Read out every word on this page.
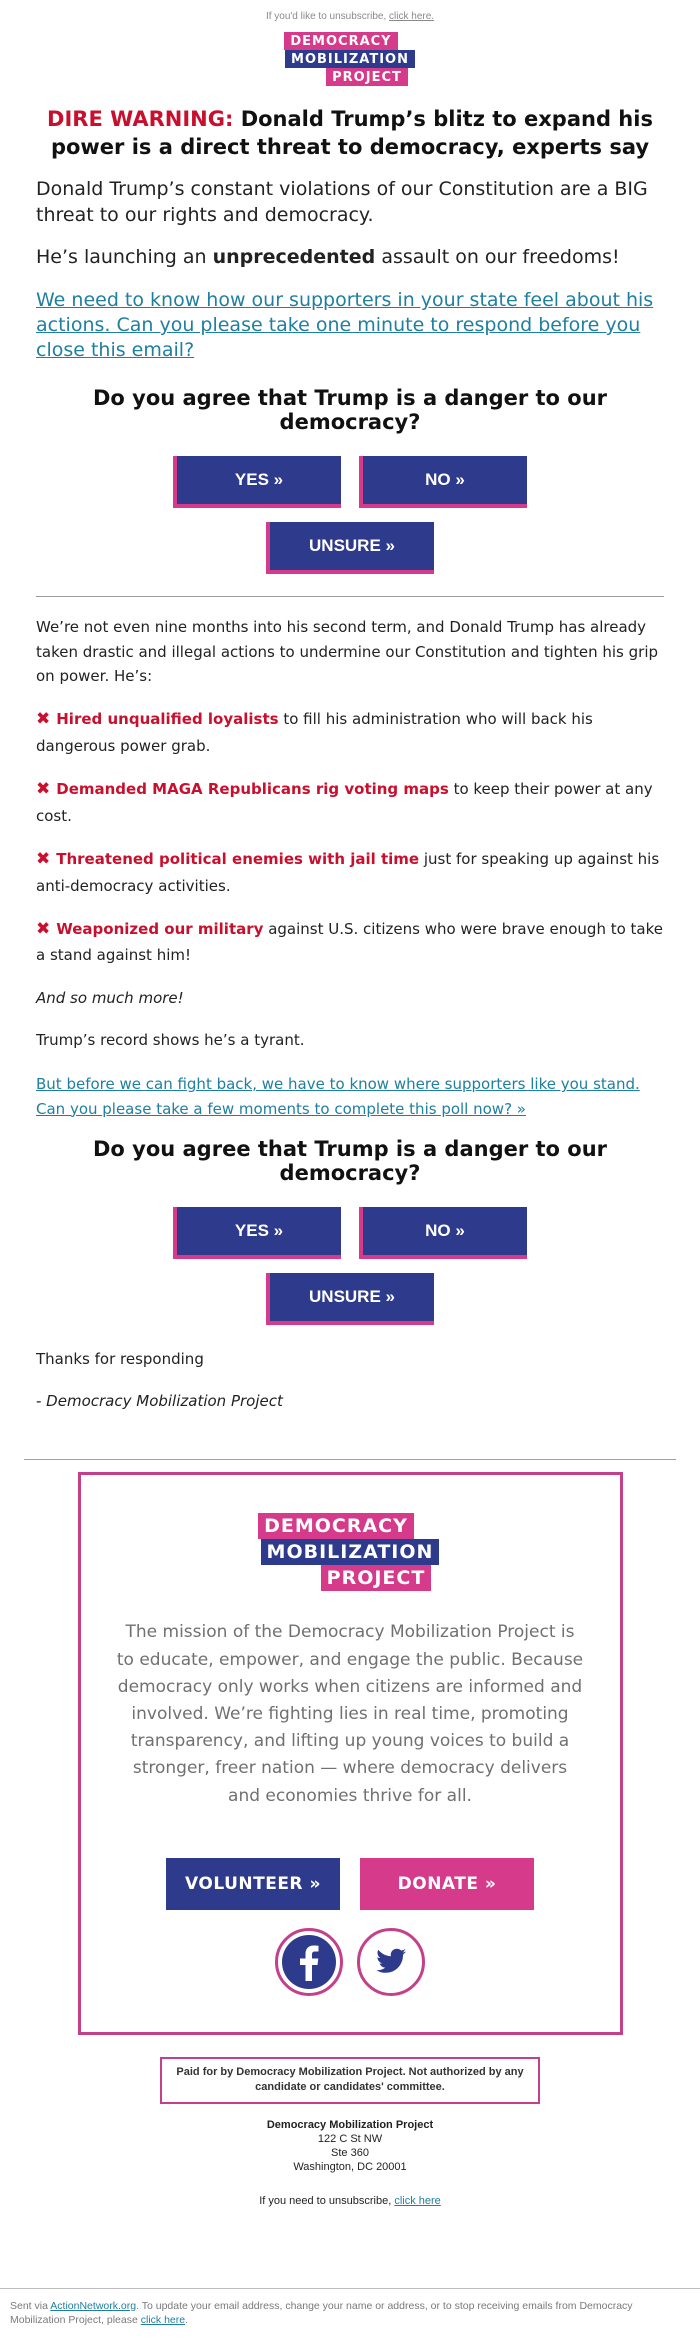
If you'd like to unsubscribe, click here.
DEMOCRACY
MOBILIZATION
PROJECT
DIRE WARNING: Donald Trump’s blitz to expand his power is a direct threat to democracy, experts say

Donald Trump’s constant violations of our Constitution are a BIG threat to our rights and democracy.

He’s launching an unprecedented assault on our freedoms!

We need to know how our supporters in your state feel about his actions. Can you please take one minute to respond before you close this email?

Do you agree that Trump is a danger to our democracy?
YES »	NO »
UNSURE »

We’re not even nine months into his second term, and Donald Trump has already taken drastic and illegal actions to undermine our Constitution and tighten his grip on power. He’s:

✖ Hired unqualified loyalists to fill his administration who will back his dangerous power grab.

✖ Demanded MAGA Republicans rig voting maps to keep their power at any cost.

✖ Threatened political enemies with jail time just for speaking up against his anti-democracy activities.

✖ Weaponized our military against U.S. citizens who were brave enough to take a stand against him!

And so much more!

Trump’s record shows he’s a tyrant.

But before we can fight back, we have to know where supporters like you stand. Can you please take a few moments to complete this poll now? »

Do you agree that Trump is a danger to our democracy?
YES »	NO »
UNSURE »

Thanks for responding

- Democracy Mobilization Project

DEMOCRACY
MOBILIZATION
PROJECT
The mission of the Democracy Mobilization Project is to educate, empower, and engage the public. Because democracy only works when citizens are informed and involved. We’re fighting lies in real time, promoting transparency, and lifting up young voices to build a stronger, freer nation — where democracy delivers and economies thrive for all.
VOLUNTEER »	DONATE »
Paid for by Democracy Mobilization Project. Not authorized by any candidate or candidates' committee.
Democracy Mobilization Project
122 C St NW
Ste 360
Washington, DC 20001
If you need to unsubscribe, click here
Sent via ActionNetwork.org. To update your email address, change your name or address, or to stop receiving emails from Democracy Mobilization Project, please click here.
